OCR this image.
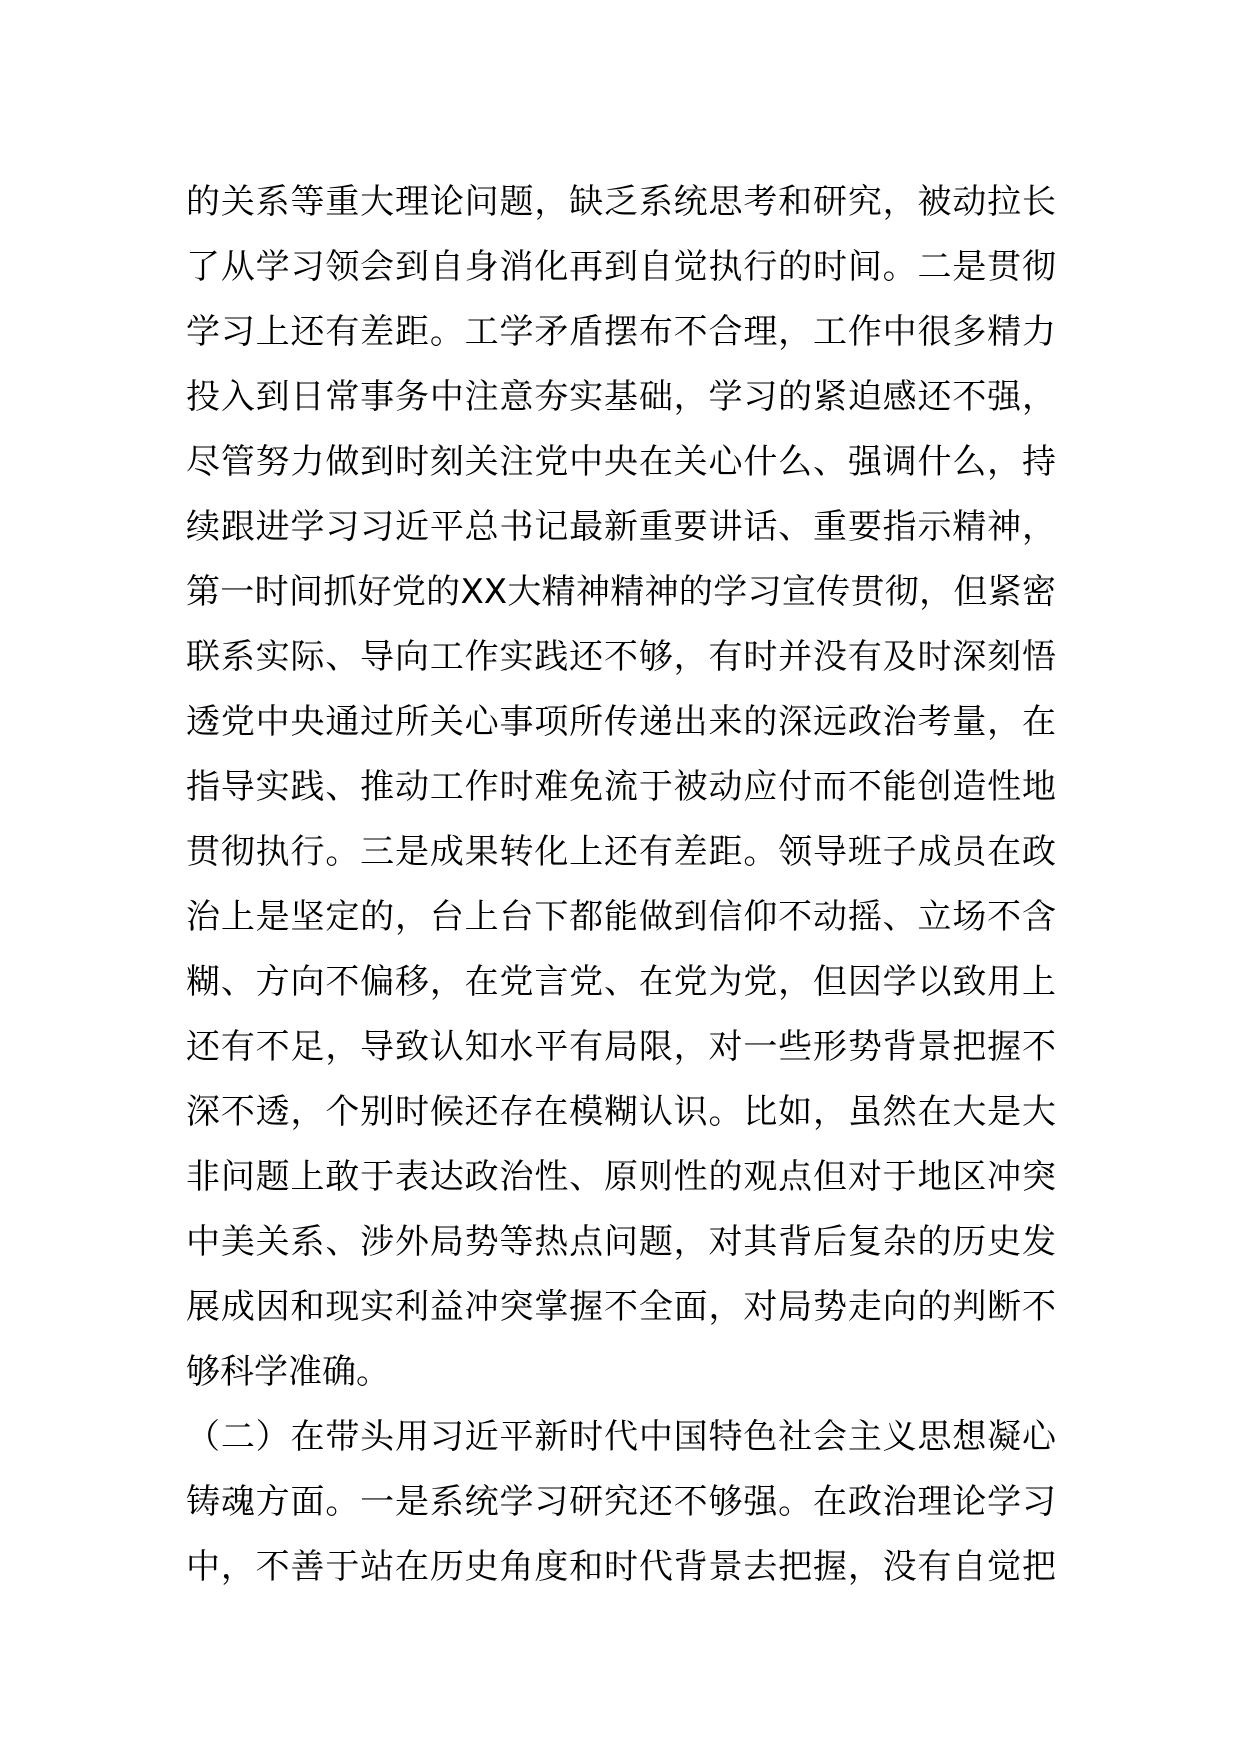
的关系等重大理论问题，缺乏系统思考和研究，被动拉长
了从学习领会到自身消化再到自觉执行的时间。二是贯彻
学习上还有差距。工学矛盾摆布不合理，工作中很多精力
投入到日常事务中注意夯实基础，学习的紧迫感还不强，
尽管努力做到时刻关注党中央在关心什么、强调什么，持
续跟进学习习近平总书记最新重要讲话、重要指示精神，
第一时间抓好党的XX大精神精神的学习宣传贯彻，但紧密
联系实际、导向工作实践还不够，有时并没有及时深刻悟
透党中央通过所关心事项所传递出来的深远政治考量，在
指导实践、推动工作时难免流于被动应付而不能创造性地
贯彻执行。三是成果转化上还有差距。领导班子成员在政
治上是坚定的，台上台下都能做到信仰不动摇、立场不含
糊、方向不偏移，在党言党、在党为党，但因学以致用上
还有不足，导致认知水平有局限，对一些形势背景把握不
深不透，个别时候还存在模糊认识。比如，虽然在大是大
非问题上敢于表达政治性、原则性的观点但对于地区冲突
中美关系、涉外局势等热点问题，对其背后复杂的历史发
展成因和现实利益冲突掌握不全面，对局势走向的判断不
够科学准确。
（二）在带头用习近平新时代中国特色社会主义思想凝心
铸魂方面。一是系统学习研究还不够强。在政治理论学习
中，不善于站在历史角度和时代背景去把握，没有自觉把
